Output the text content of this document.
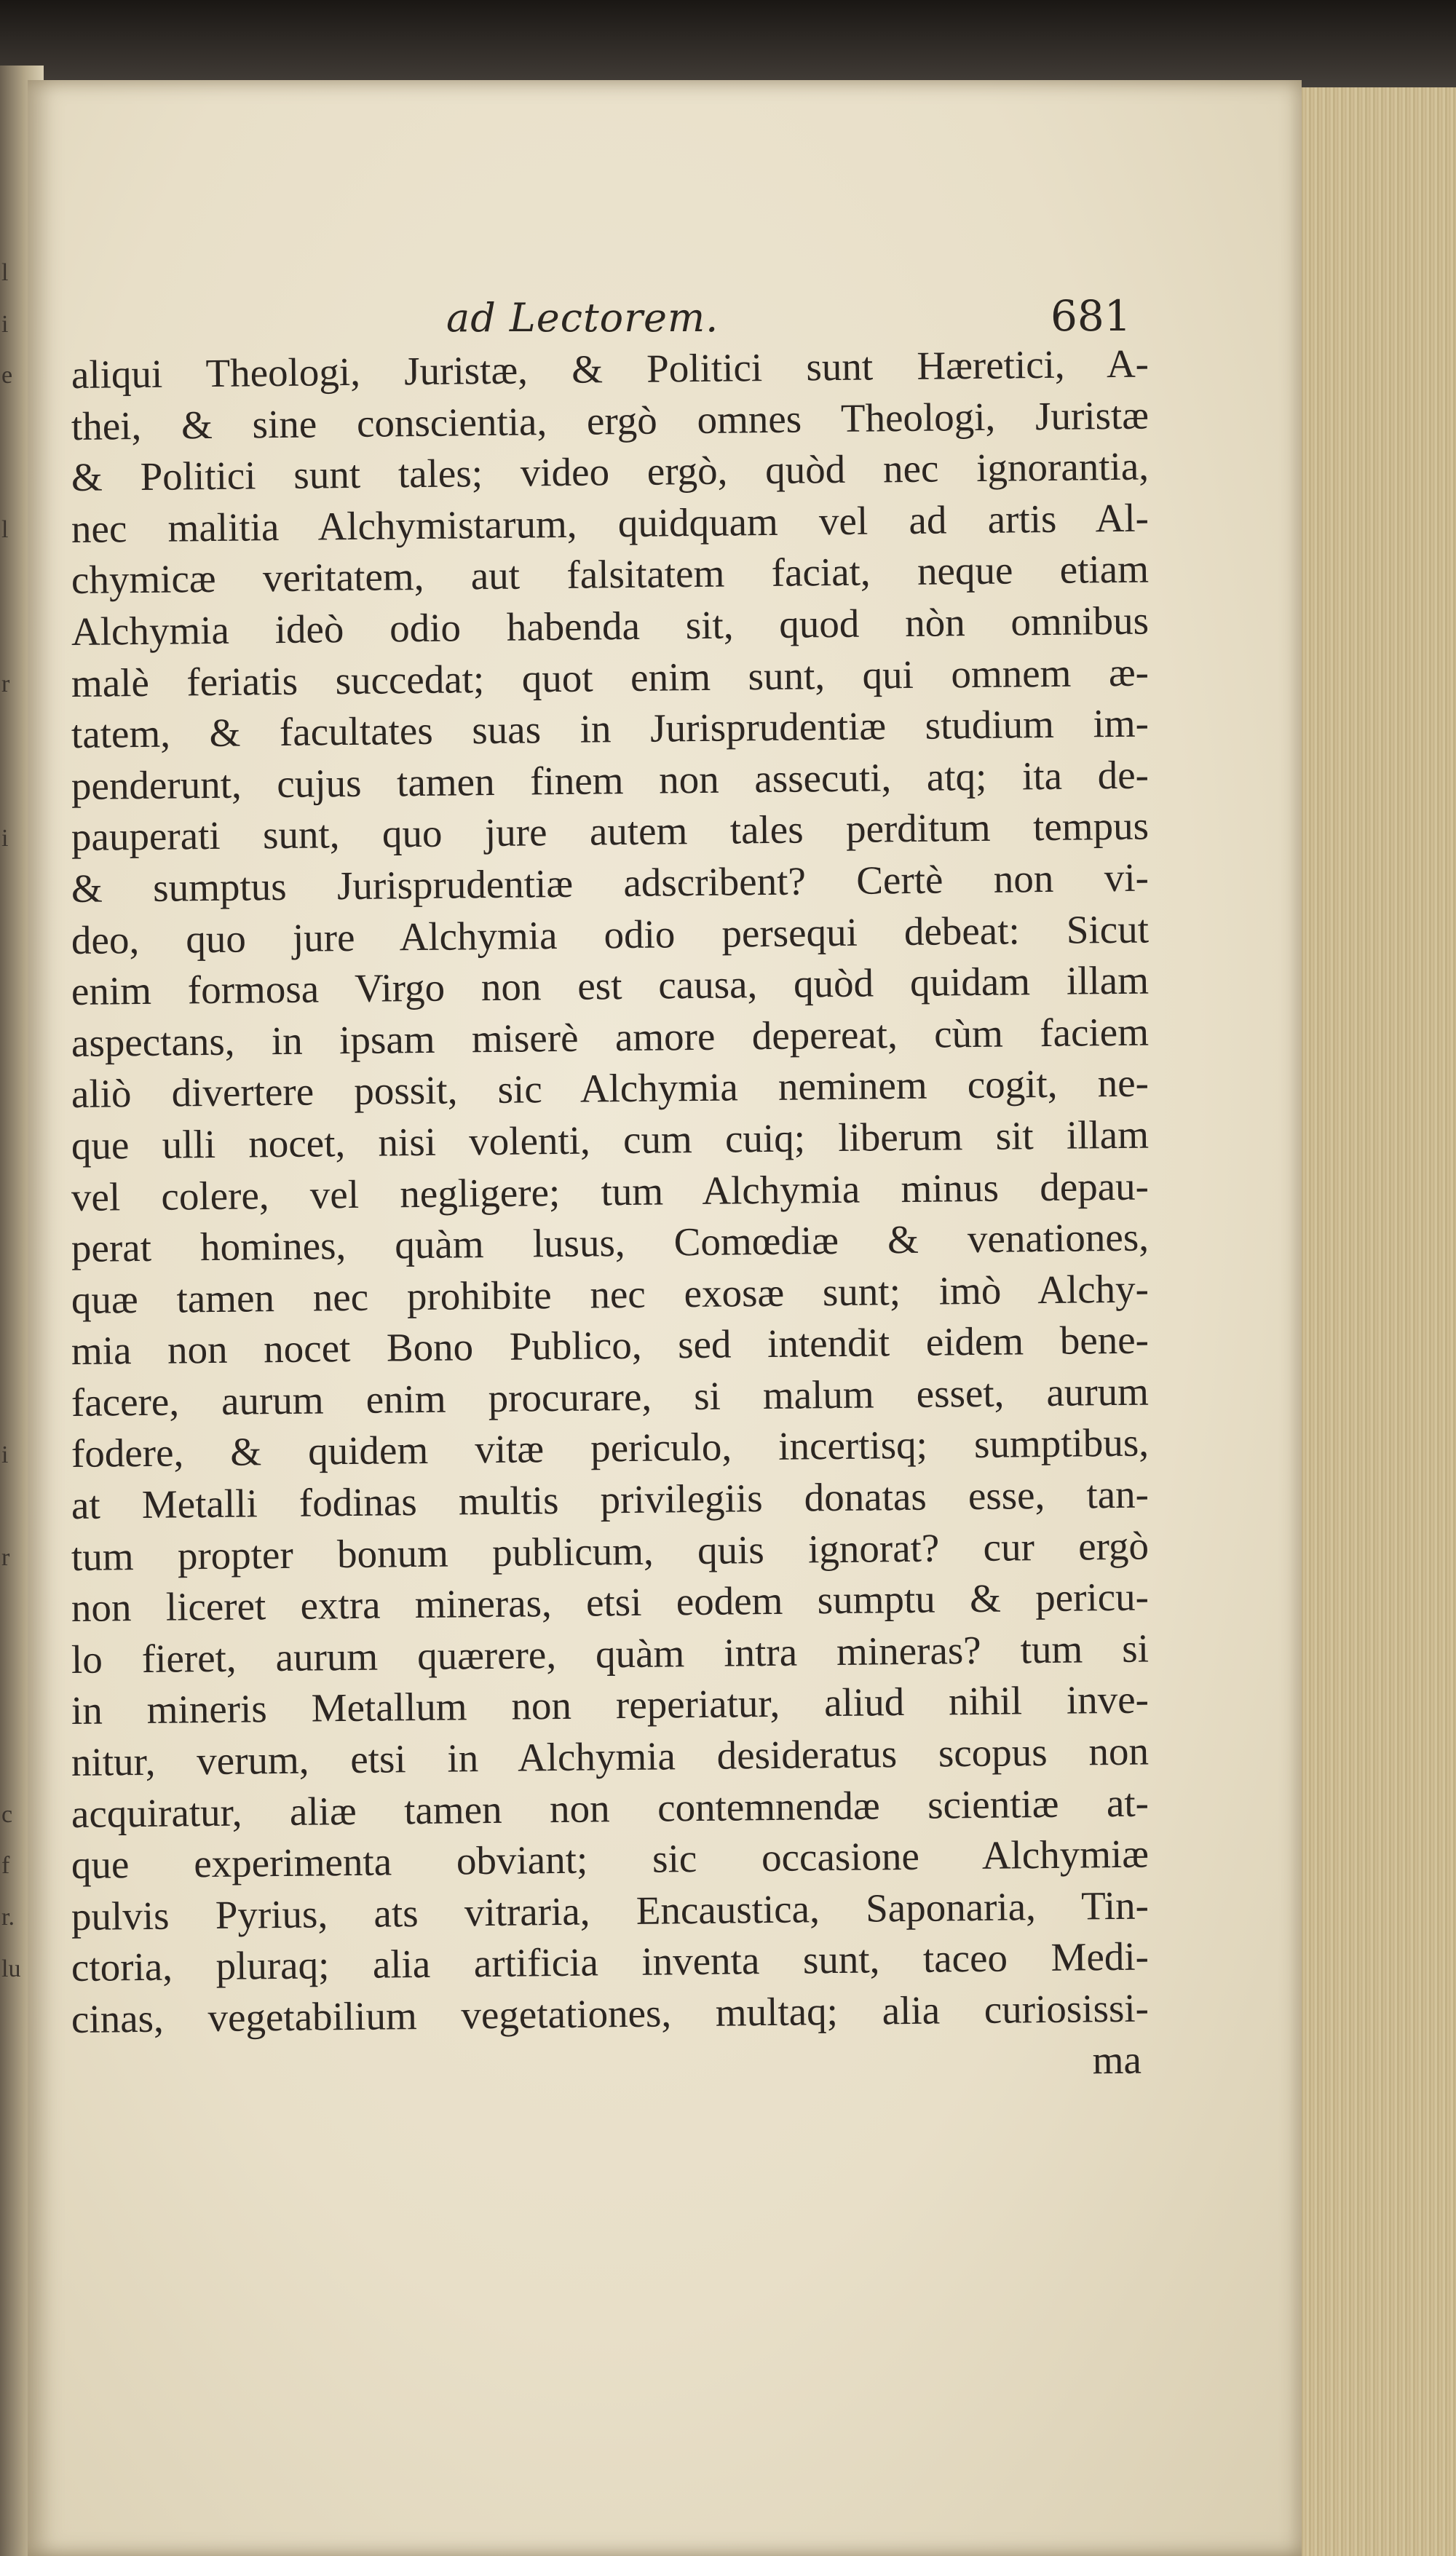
ad Lectorem.	681
aliqui Theologi, Juristæ, & Politici sunt Hæretici, A-
thei, & sine conscientia, ergò omnes Theologi, Juristæ
& Politici sunt tales; video ergò, quòd nec ignorantia,
nec malitia Alchymistarum, quidquam vel ad artis Al-
chymicæ veritatem, aut falsitatem faciat, neque etiam
Alchymia ideò odio habenda sit, quod nòn omnibus
malè feriatis succedat; quot enim sunt, qui omnem æ-
tatem, & facultates suas in Jurisprudentiæ studium im-
penderunt, cujus tamen finem non assecuti, atq; ita de-
pauperati sunt, quo jure autem tales perditum tempus
& sumptus Jurisprudentiæ adscribent? Certè non vi-
deo, quo jure Alchymia odio persequi debeat: Sicut
enim formosa Virgo non est causa, quòd quidam illam
aspectans, in ipsam miserè amore depereat, cùm faciem
aliò divertere possit, sic Alchymia neminem cogit, ne-
que ulli nocet, nisi volenti, cum cuiq; liberum sit illam
vel colere, vel negligere; tum Alchymia minus depau-
perat homines, quàm lusus, Comœdiæ & venationes,
quæ tamen nec prohibite nec exosæ sunt; imò Alchy-
mia non nocet Bono Publico, sed intendit eidem bene-
facere, aurum enim procurare, si malum esset, aurum
fodere, & quidem vitæ periculo, incertisq; sumptibus,
at Metalli fodinas multis privilegiis donatas esse, tan-
tum propter bonum publicum, quis ignorat? cur ergò
non liceret extra mineras, etsi eodem sumptu & pericu-
lo fieret, aurum quærere, quàm intra mineras? tum si
in mineris Metallum non reperiatur, aliud nihil inve-
nitur, verum, etsi in Alchymia desideratus scopus non
acquiratur, aliæ tamen non contemnendæ scientiæ at-
que experimenta obviant; sic occasione Alchymiæ
pulvis Pyrius, ats vitraria, Encaustica, Saponaria, Tin-
ctoria, pluraq; alia artificia inventa sunt, taceo Medi-
cinas, vegetabilium vegetationes, multaq; alia curiosissi-
ma
l
i
e
l
r
i
i
r
c
f
r.
lu
